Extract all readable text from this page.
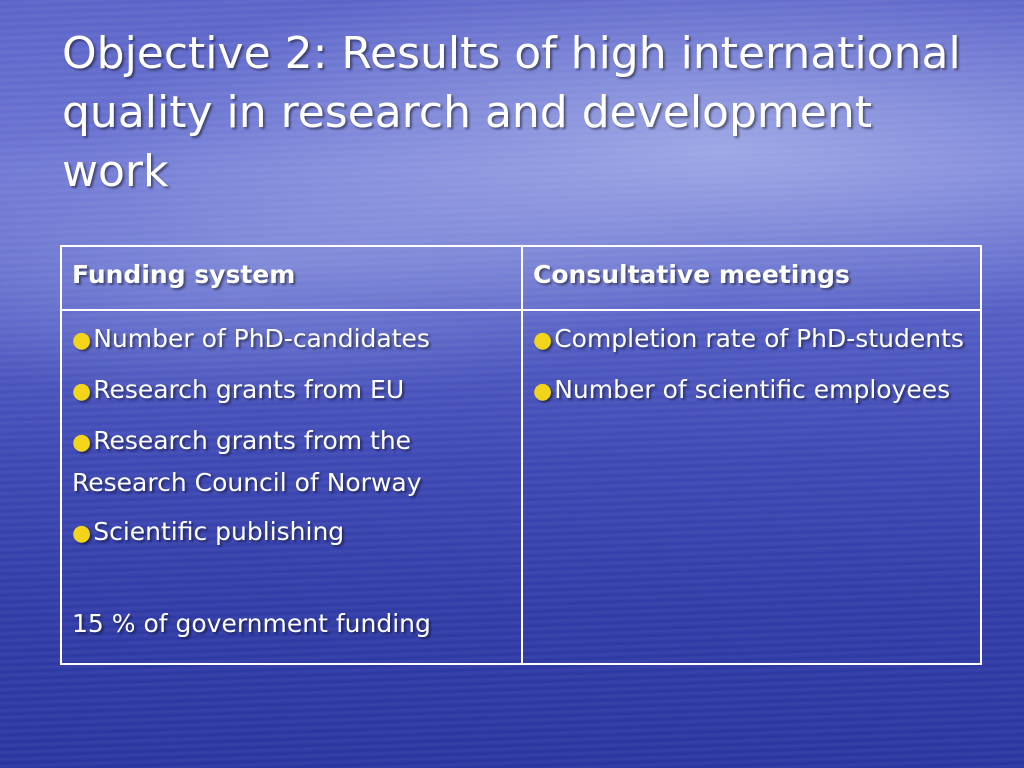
Objective 2: Results of high international quality in research and development work
Funding system	Consultative meetings
●Number of PhD-candidates
●Research grants from EU
●Research grants from the Research Council of Norway
●Scientific publishing
15 % of government funding
●Completion rate of PhD-students
●Number of scientific employees
